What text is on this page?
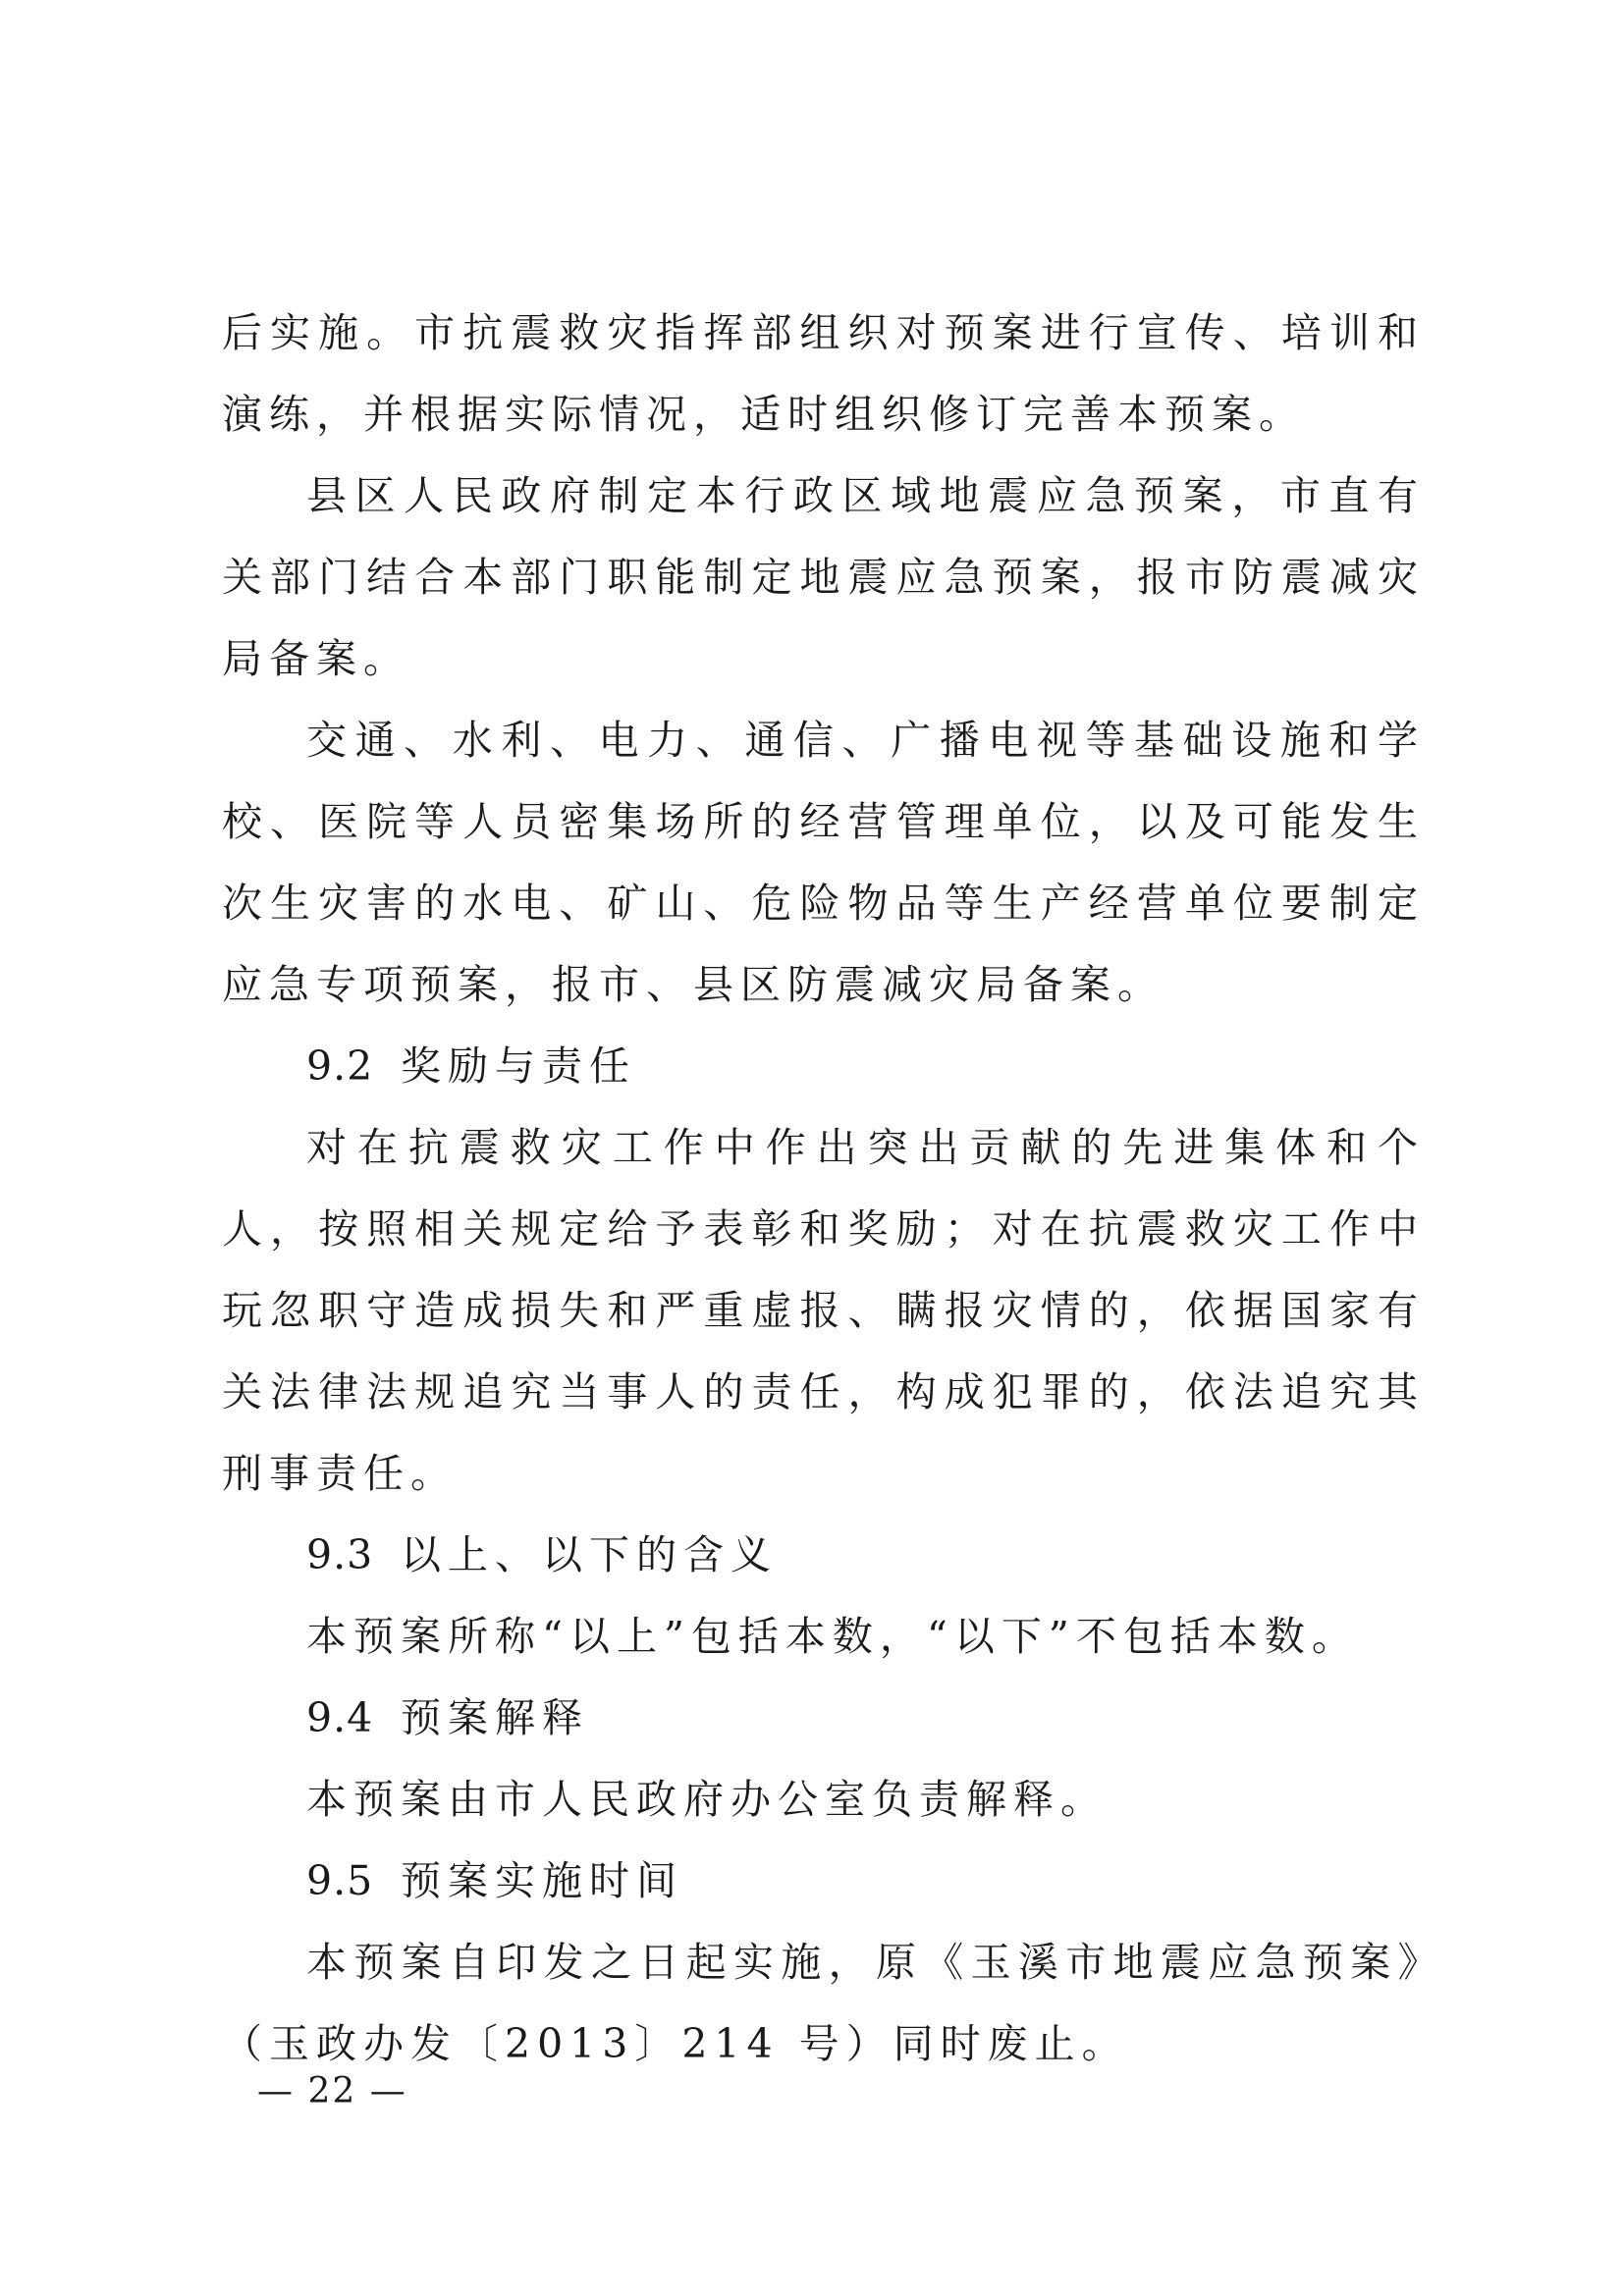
后实施。市抗震救灾指挥部组织对预案进行宣传、培训和演练，并根据实际情况，适时组织修订完善本预案。

县区人民政府制定本行政区域地震应急预案，市直有关部门结合本部门职能制定地震应急预案，报市防震减灾局备案。

交通、水利、电力、通信、广播电视等基础设施和学校、医院等人员密集场所的经营管理单位，以及可能发生次生灾害的水电、矿山、危险物品等生产经营单位要制定应急专项预案，报市、县区防震减灾局备案。

9.2 奖励与责任

对在抗震救灾工作中作出突出贡献的先进集体和个人，按照相关规定给予表彰和奖励；对在抗震救灾工作中玩忽职守造成损失和严重虚报、瞒报灾情的，依据国家有关法律法规追究当事人的责任，构成犯罪的，依法追究其刑事责任。

9.3 以上、以下的含义

本预案所称“以上”包括本数，“以下”不包括本数。

9.4 预案解释

本预案由市人民政府办公室负责解释。

9.5 预案实施时间

本预案自印发之日起实施，原《玉溪市地震应急预案》（玉政办发〔2013〕214 号）同时废止。

— 22 —
